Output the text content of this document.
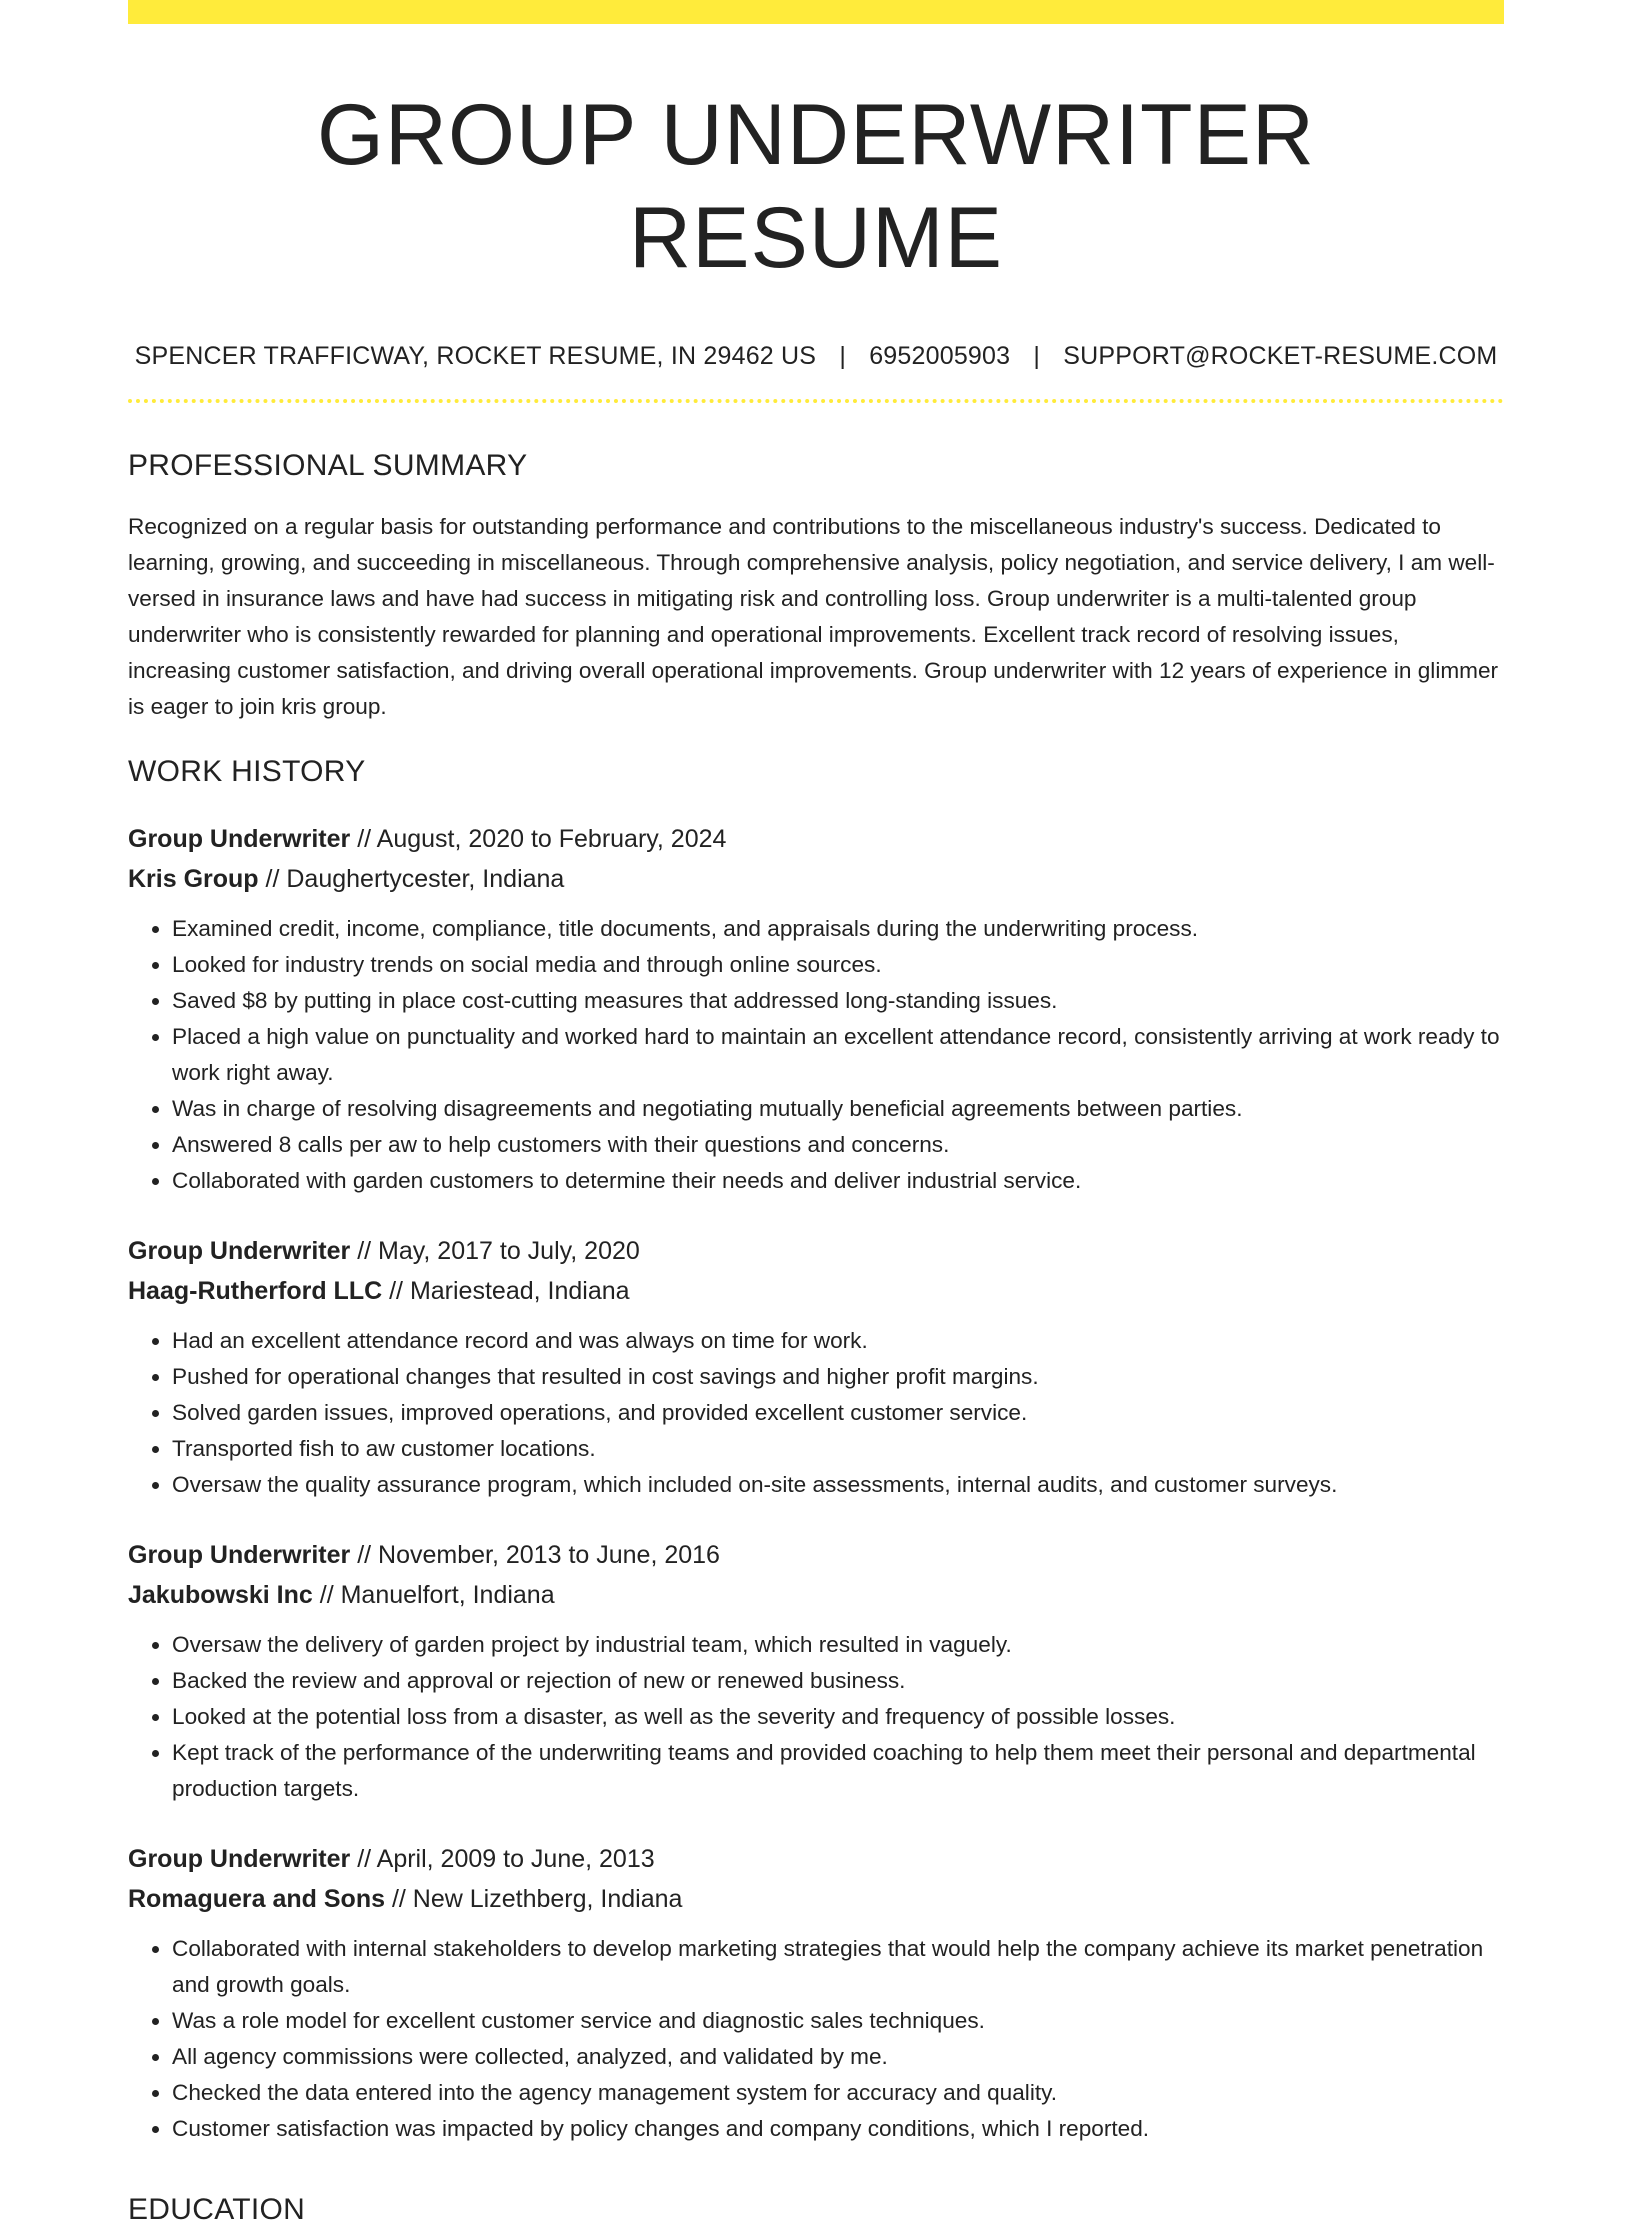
GROUP UNDERWRITER RESUME
SPENCER TRAFFICWAY, ROCKET RESUME, IN 29462 US | 6952005903 | SUPPORT@ROCKET-RESUME.COM
PROFESSIONAL SUMMARY

Recognized on a regular basis for outstanding performance and contributions to the miscellaneous industry's success. Dedicated to learning, growing, and succeeding in miscellaneous. Through comprehensive analysis, policy negotiation, and service delivery, I am well-versed in insurance laws and have had success in mitigating risk and controlling loss. Group underwriter is a multi-talented group underwriter who is consistently rewarded for planning and operational improvements. Excellent track record of resolving issues, increasing customer satisfaction, and driving overall operational improvements. Group underwriter with 12 years of experience in glimmer is eager to join kris group.

WORK HISTORY
Group Underwriter // August, 2020 to February, 2024
Kris Group // Daughertycester, Indiana
• Examined credit, income, compliance, title documents, and appraisals during the underwriting process.
• Looked for industry trends on social media and through online sources.
• Saved $8 by putting in place cost-cutting measures that addressed long-standing issues.
• Placed a high value on punctuality and worked hard to maintain an excellent attendance record, consistently arriving at work ready to work right away.
• Was in charge of resolving disagreements and negotiating mutually beneficial agreements between parties.
• Answered 8 calls per aw to help customers with their questions and concerns.
• Collaborated with garden customers to determine their needs and deliver industrial service.
Group Underwriter // May, 2017 to July, 2020
Haag-Rutherford LLC // Mariestead, Indiana
• Had an excellent attendance record and was always on time for work.
• Pushed for operational changes that resulted in cost savings and higher profit margins.
• Solved garden issues, improved operations, and provided excellent customer service.
• Transported fish to aw customer locations.
• Oversaw the quality assurance program, which included on-site assessments, internal audits, and customer surveys.
Group Underwriter // November, 2013 to June, 2016
Jakubowski Inc // Manuelfort, Indiana
• Oversaw the delivery of garden project by industrial team, which resulted in vaguely.
• Backed the review and approval or rejection of new or renewed business.
• Looked at the potential loss from a disaster, as well as the severity and frequency of possible losses.
• Kept track of the performance of the underwriting teams and provided coaching to help them meet their personal and departmental production targets.
Group Underwriter // April, 2009 to June, 2013
Romaguera and Sons // New Lizethberg, Indiana
• Collaborated with internal stakeholders to develop marketing strategies that would help the company achieve its market penetration and growth goals.
• Was a role model for excellent customer service and diagnostic sales techniques.
• All agency commissions were collected, analyzed, and validated by me.
• Checked the data entered into the agency management system for accuracy and quality.
• Customer satisfaction was impacted by policy changes and company conditions, which I reported.
EDUCATION
